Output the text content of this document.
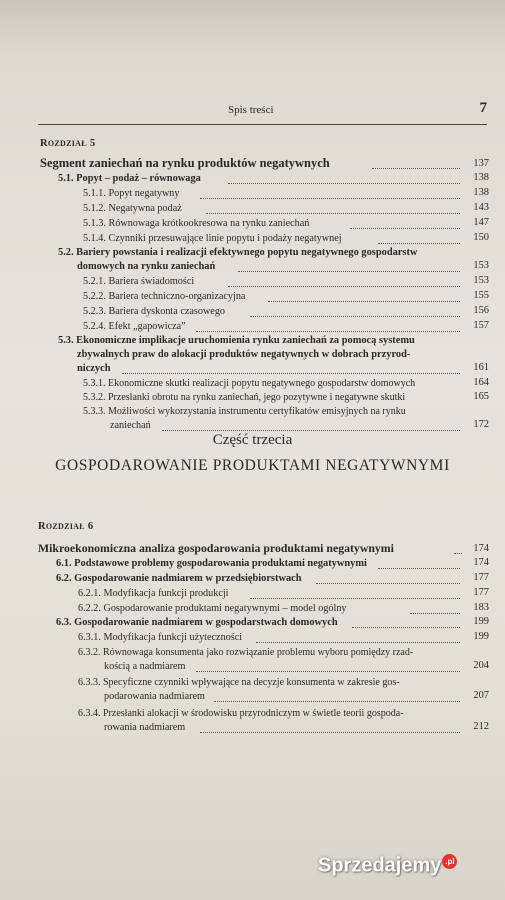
Spis treści	7
ROZDZIAŁ 5
Segment zaniechań na rynku produktów negatywnych	137
5.1. Popyt – podaż – równowaga	138
5.1.1. Popyt negatywny	138
5.1.2. Negatywna podaż	143
5.1.3. Równowaga krótkookresowa na rynku zaniechań	147
5.1.4. Czynniki przesuwające linie popytu i podaży negatywnej	150
5.2. Bariery powstania i realizacji efektywnego popytu negatywnego gospodarstw
domowych na rynku zaniechań	153
5.2.1. Bariera świadomości	153
5.2.2. Bariera techniczno-organizacyjna	155
5.2.3. Bariera dyskonta czasowego	156
5.2.4. Efekt „gapowicza”	157
5.3. Ekonomiczne implikacje uruchomienia rynku zaniechań za pomocą systemu
zbywalnych praw do alokacji produktów negatywnych w dobrach przyrod-
niczych	161
5.3.1. Ekonomiczne skutki realizacji popytu negatywnego gospodarstw domowych	164
5.3.2. Przesłanki obrotu na rynku zaniechań, jego pozytywne i negatywne skutki	165
5.3.3. Możliwości wykorzystania instrumentu certyfikatów emisyjnych na rynku
zaniechań	172
Część trzecia
GOSPODAROWANIE PRODUKTAMI NEGATYWNYMI
ROZDZIAŁ 6
Mikroekonomiczna analiza gospodarowania produktami negatywnymi	174
6.1. Podstawowe problemy gospodarowania produktami negatywnymi	174
6.2. Gospodarowanie nadmiarem w przedsiębiorstwach	177
6.2.1. Modyfikacja funkcji produkcji	177
6.2.2. Gospodarowanie produktami negatywnymi – model ogólny	183
6.3. Gospodarowanie nadmiarem w gospodarstwach domowych	199
6.3.1. Modyfikacja funkcji użyteczności	199
6.3.2. Równowaga konsumenta jako rozwiązanie problemu wyboru pomiędzy rzad-
kością a nadmiarem	204
6.3.3. Specyficzne czynniki wpływające na decyzje konsumenta w zakresie gos-
podarowania nadmiarem	207
6.3.4. Przesłanki alokacji w środowisku przyrodniczym w świetle teorii gospoda-
rowania nadmiarem	212
Sprzedajemy .pl
